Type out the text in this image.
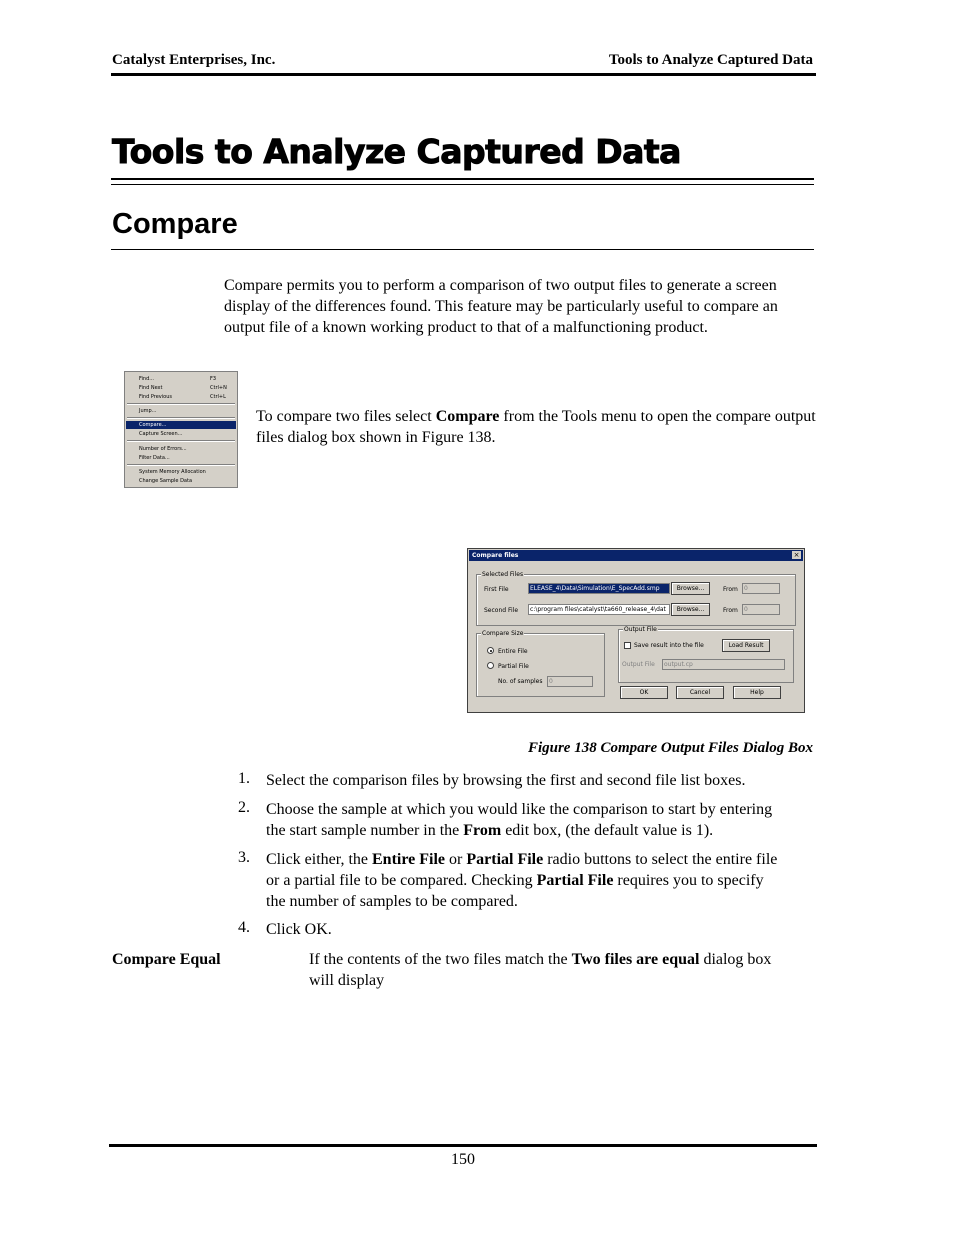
Catalyst Enterprises, Inc.	Tools to Analyze Captured Data
Tools to Analyze Captured Data
Compare
Compare permits you to perform a comparison of two output files to generate a screen display of the differences found. This feature may be particularly useful to compare an output file of a known working product to that of a malfunctioning product.
Find...	F3
Find Next	Ctrl+N
Find Previous	Ctrl+L
Jump...
Compare...
Capture Screen...
Number of Errors...
Filter Data...
System Memory Allocation
Change Sample Data
To compare two files select Compare from the Tools menu to open the compare output files dialog box shown in Figure 138.
Compare files	×
Selected Files
First File	ELEASE_4\Data\Simulation\E_SpecAdd.smp	Browse...	From	0
Second File	c:\program files\catalyst\ta660_release_4\dat	Browse...	From	0
Compare Size
Entire File
Partial File
No. of samples	0
Output File
Save result into the file	Load Result
Output File	output.cp
OK	Cancel	Help
Figure 138 Compare Output Files Dialog Box
1. Select the comparison files by browsing the first and second file list boxes.
2. Choose the sample at which you would like the comparison to start by entering
the start sample number in the From edit box, (the default value is 1).
3. Click either, the Entire File or Partial File radio buttons to select the entire file
or a partial file to be compared. Checking Partial File requires you to specify
the number of samples to be compared.
4. Click OK.
Compare Equal	If the contents of the two files match the Two files are equal dialog box
will display
150
